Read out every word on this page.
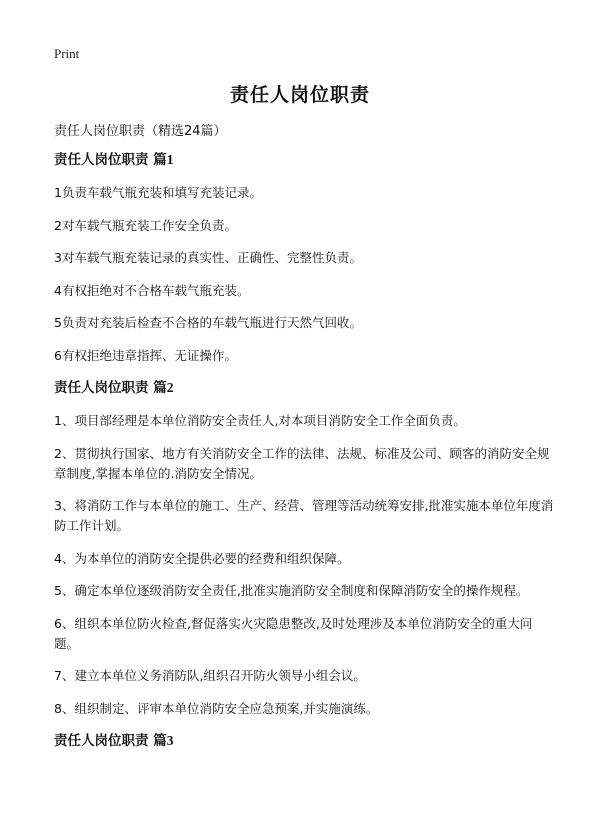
Print
责任人岗位职责
责任人岗位职责（精选24篇）
责任人岗位职责 篇1
1负责车载气瓶充装和填写充装记录。
2对车载气瓶充装工作安全负责。
3对车载气瓶充装记录的真实性、正确性、完整性负责。
4有权拒绝对不合格车载气瓶充装。
5负责对充装后检查不合格的车载气瓶进行天然气回收。
6有权拒绝违章指挥、无证操作。
责任人岗位职责 篇2
1、项目部经理是本单位消防安全责任人,对本项目消防安全工作全面负责。
2、贯彻执行国家、地方有关消防安全工作的法律、法规、标准及公司、顾客的消防安全规章制度,掌握本单位的.消防安全情况。
3、将消防工作与本单位的施工、生产、经营、管理等活动统筹安排,批准实施本单位年度消防工作计划。
4、为本单位的消防安全提供必要的经费和组织保障。
5、确定本单位逐级消防安全责任,批准实施消防安全制度和保障消防安全的操作规程。
6、组织本单位防火检查,督促落实火灾隐患整改,及时处理涉及本单位消防安全的重大问题。
7、建立本单位义务消防队,组织召开防火领导小组会议。
8、组织制定、评审本单位消防安全应急预案,并实施演练。
责任人岗位职责 篇3
